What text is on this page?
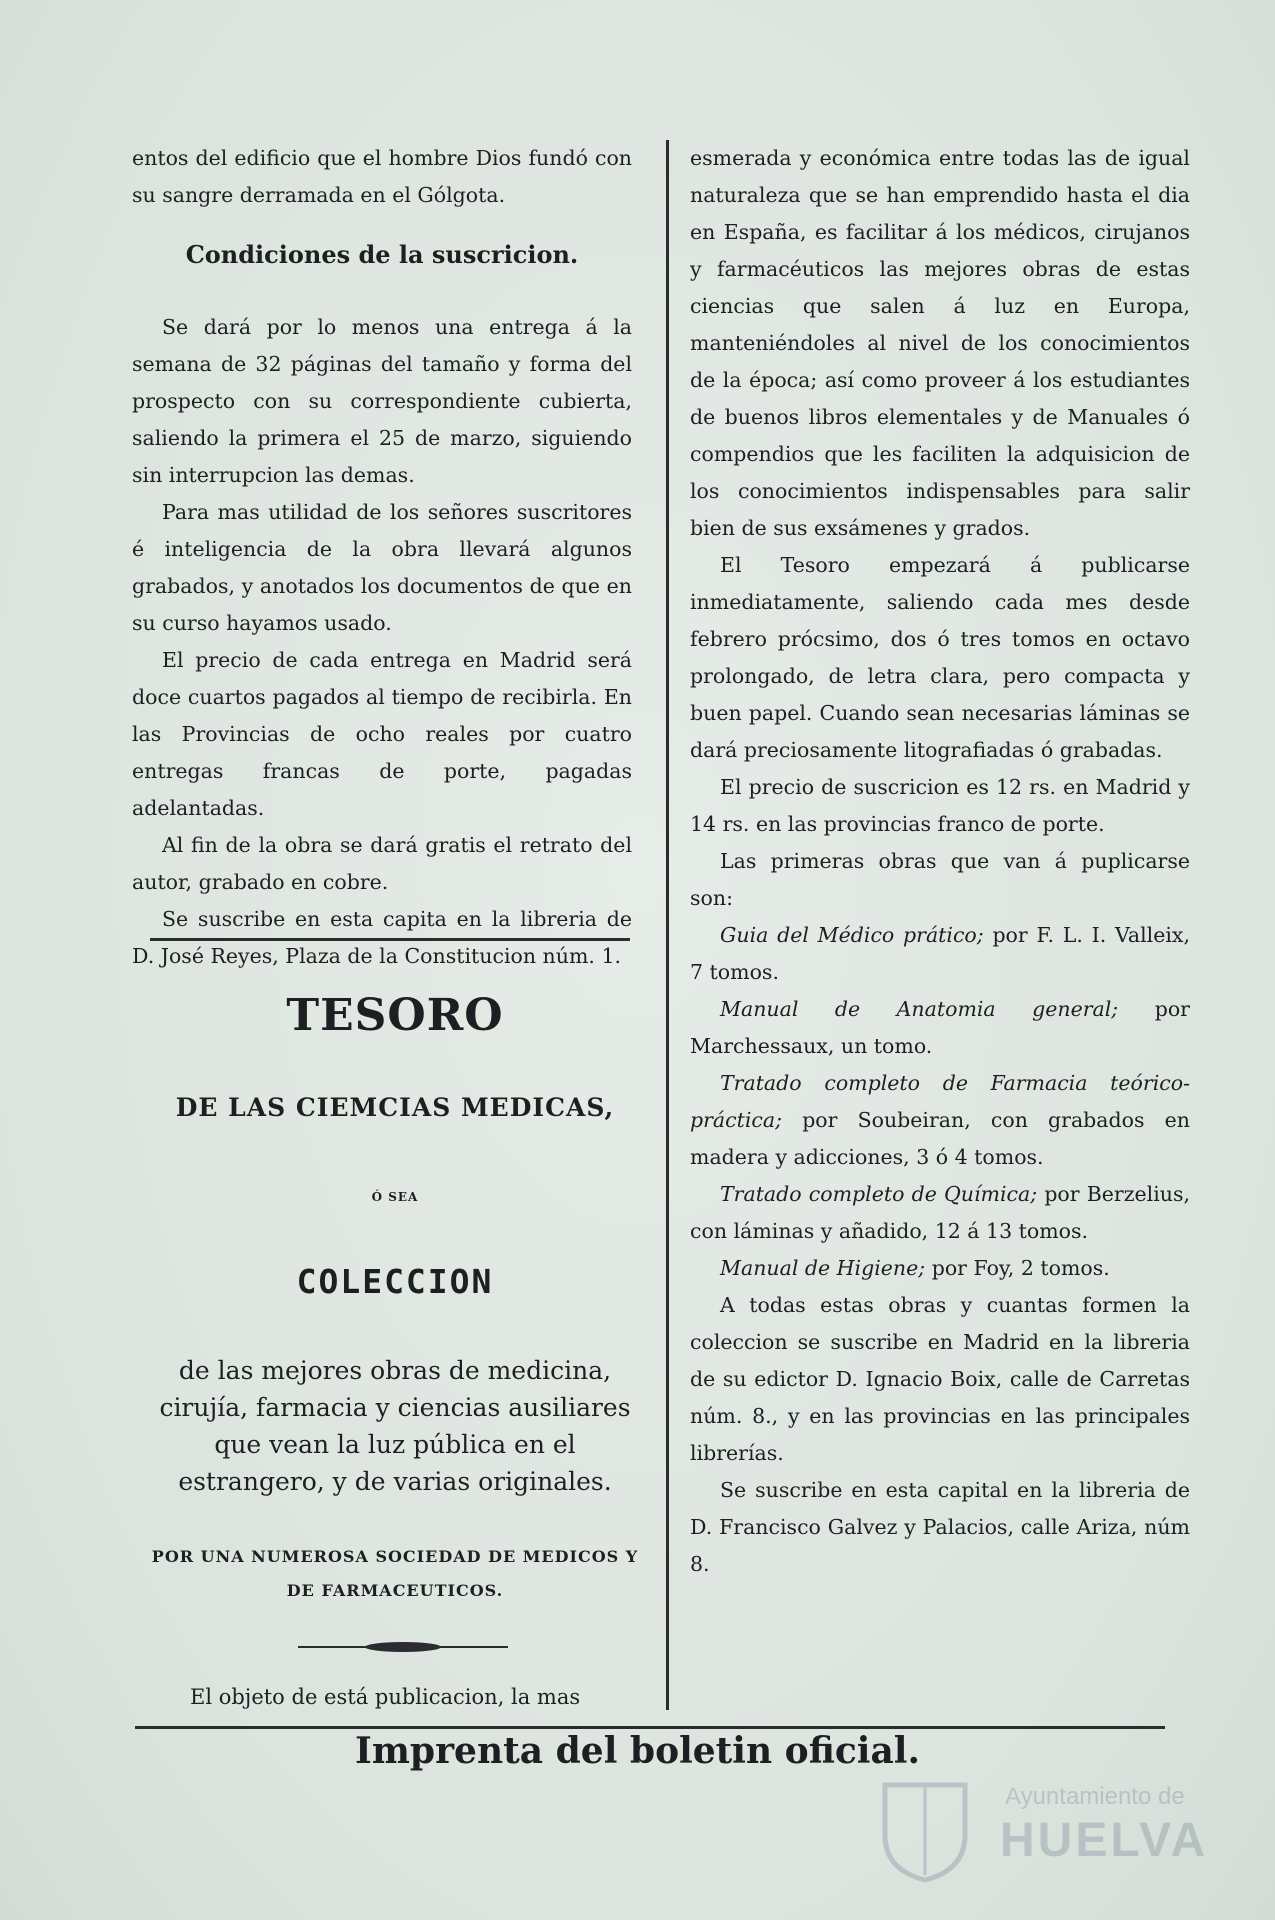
entos del edificio que el hombre Dios fundó con su sangre derramada en el Gólgota.

Condiciones de la suscricion.

Se dará por lo menos una entrega á la semana de 32 páginas del tamaño y forma del prospecto con su correspondiente cubierta, saliendo la primera el 25 de marzo, siguiendo sin interrupcion las demas.

Para mas utilidad de los señores suscritores é inteligencia de la obra llevará algunos grabados, y anotados los documentos de que en su curso hayamos usado.

El precio de cada entrega en Madrid será doce cuartos pagados al tiempo de recibirla. En las Provincias de ocho reales por cuatro entregas francas de porte, pagadas adelantadas.

Al fin de la obra se dará gratis el retrato del autor, grabado en cobre.

Se suscribe en esta capita en la libreria de D. José Reyes, Plaza de la Constitucion núm. 1.

TESORO
DE LAS CIEMCIAS MEDICAS,
Ó SEA
COLECCION
de las mejores obras de medicina, cirujía, farmacia y ciencias ausiliares que vean la luz pública en el estrangero, y de varias originales.
POR UNA NUMEROSA SOCIEDAD DE MEDICOS Y DE FARMACEUTICOS.
El objeto de está publicacion, la mas

esmerada y económica entre todas las de igual naturaleza que se han emprendido hasta el dia en España, es facilitar á los médicos, cirujanos y farmacéuticos las mejores obras de estas ciencias que salen á luz en Europa, manteniéndoles al nivel de los conocimientos de la época; así como proveer á los estudiantes de buenos libros elementales y de Manuales ó compendios que les faciliten la adquisicion de los conocimientos indispensables para salir bien de sus exsámenes y grados.

El Tesoro empezará á publicarse inmediatamente, saliendo cada mes desde febrero prócsimo, dos ó tres tomos en octavo prolongado, de letra clara, pero compacta y buen papel. Cuando sean necesarias láminas se dará preciosamente litografiadas ó grabadas.

El precio de suscricion es 12 rs. en Madrid y 14 rs. en las provincias franco de porte.

Las primeras obras que van á puplicarse son:

Guia del Médico prático; por F. L. I. Valleix, 7 tomos.

Manual de Anatomia general; por Marchessaux, un tomo.

Tratado completo de Farmacia teórico-práctica; por Soubeiran, con grabados en madera y adicciones, 3 ó 4 tomos.

Tratado completo de Química; por Berzelius, con láminas y añadido, 12 á 13 tomos.

Manual de Higiene; por Foy, 2 tomos.

A todas estas obras y cuantas formen la coleccion se suscribe en Madrid en la libreria de su edictor D. Ignacio Boix, calle de Carretas núm. 8., y en las provincias en las principales librerías.

Se suscribe en esta capital en la libreria de D. Francisco Galvez y Palacios, calle Ariza, núm 8.

Imprenta del boletin oficial.
Ayuntamiento de
HUELVA
